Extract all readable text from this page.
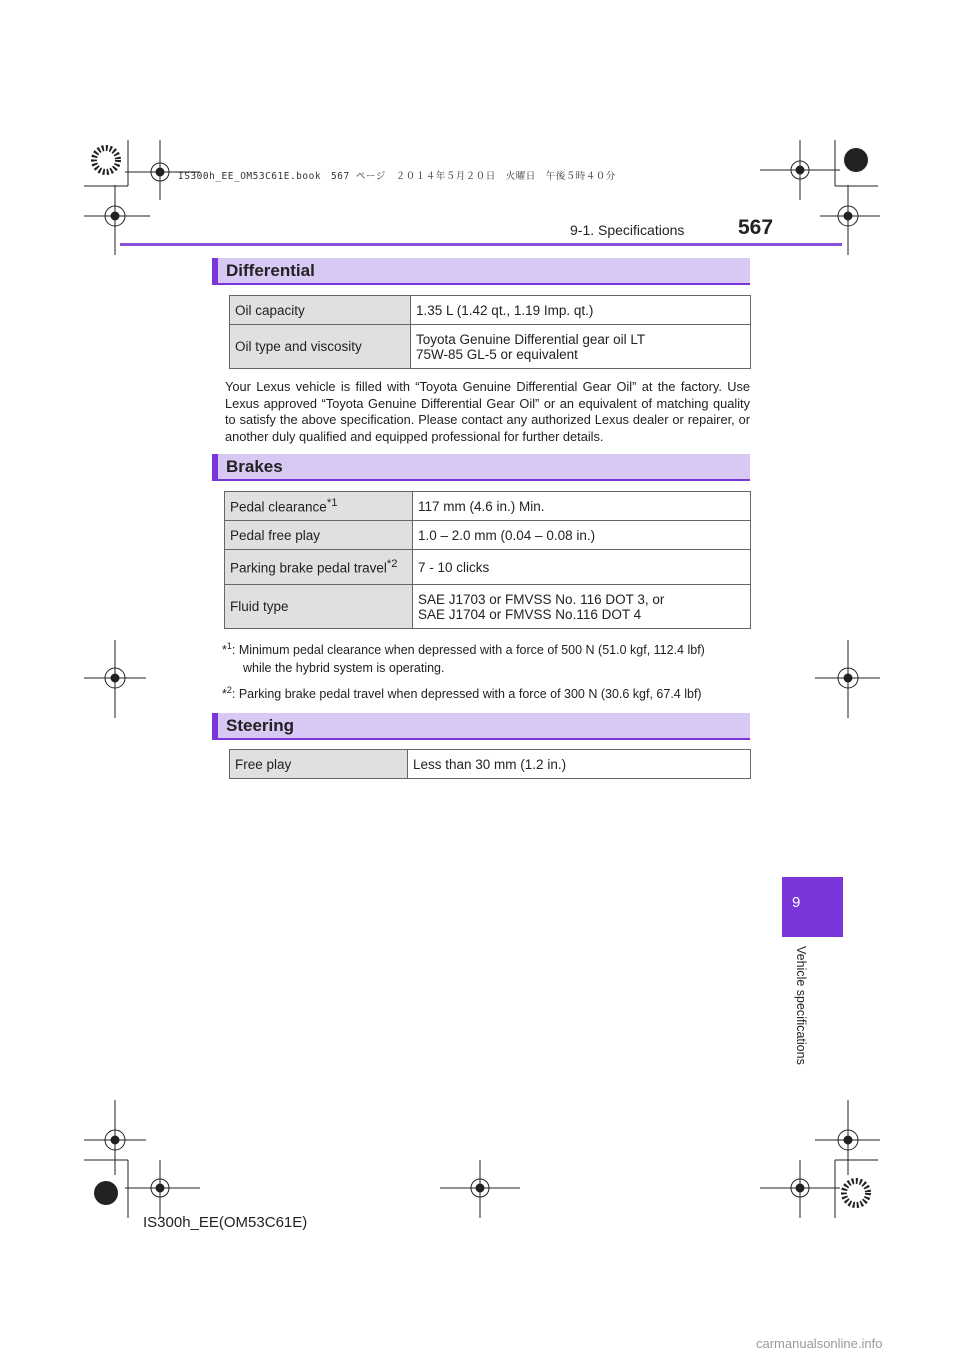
IS300h_EE_OM53C61E.book　567 ページ　２０１４年５月２０日　火曜日　午後５時４０分
9-1. Specifications	567
Differential
Oil capacity	1.35 L (1.42 qt., 1.19 Imp. qt.)
Oil type and viscosity	Toyota Genuine Differential gear oil LT
75W-85 GL-5 or equivalent
Your Lexus vehicle is filled with “Toyota Genuine Differential Gear Oil” at the factory. Use Lexus approved “Toyota Genuine Differential Gear Oil” or an equivalent of matching quality to satisfy the above specification. Please contact any authorized Lexus dealer or repairer, or another duly qualified and equipped professional for further details.
Brakes
Pedal clearance$^{*1}$	117 mm (4.6 in.) Min.
Pedal free play	1.0 – 2.0 mm (0.04 – 0.08 in.)
Parking brake pedal travel$^{*2}$	7 - 10 clicks
Fluid type	SAE J1703 or FMVSS No. 116 DOT 3, or
SAE J1704 or FMVSS No.116 DOT 4
*$^1$: Minimum pedal clearance when depressed with a force of 500 N (51.0 kgf, 112.4 lbf)
while the hybrid system is operating.
*$^2$: Parking brake pedal travel when depressed with a force of 300 N (30.6 kgf, 67.4 lbf)
Steering
Free play	Less than 30 mm (1.2 in.)
9
Vehicle specifications
IS300h_EE(OM53C61E)
carmanualsonline.info
